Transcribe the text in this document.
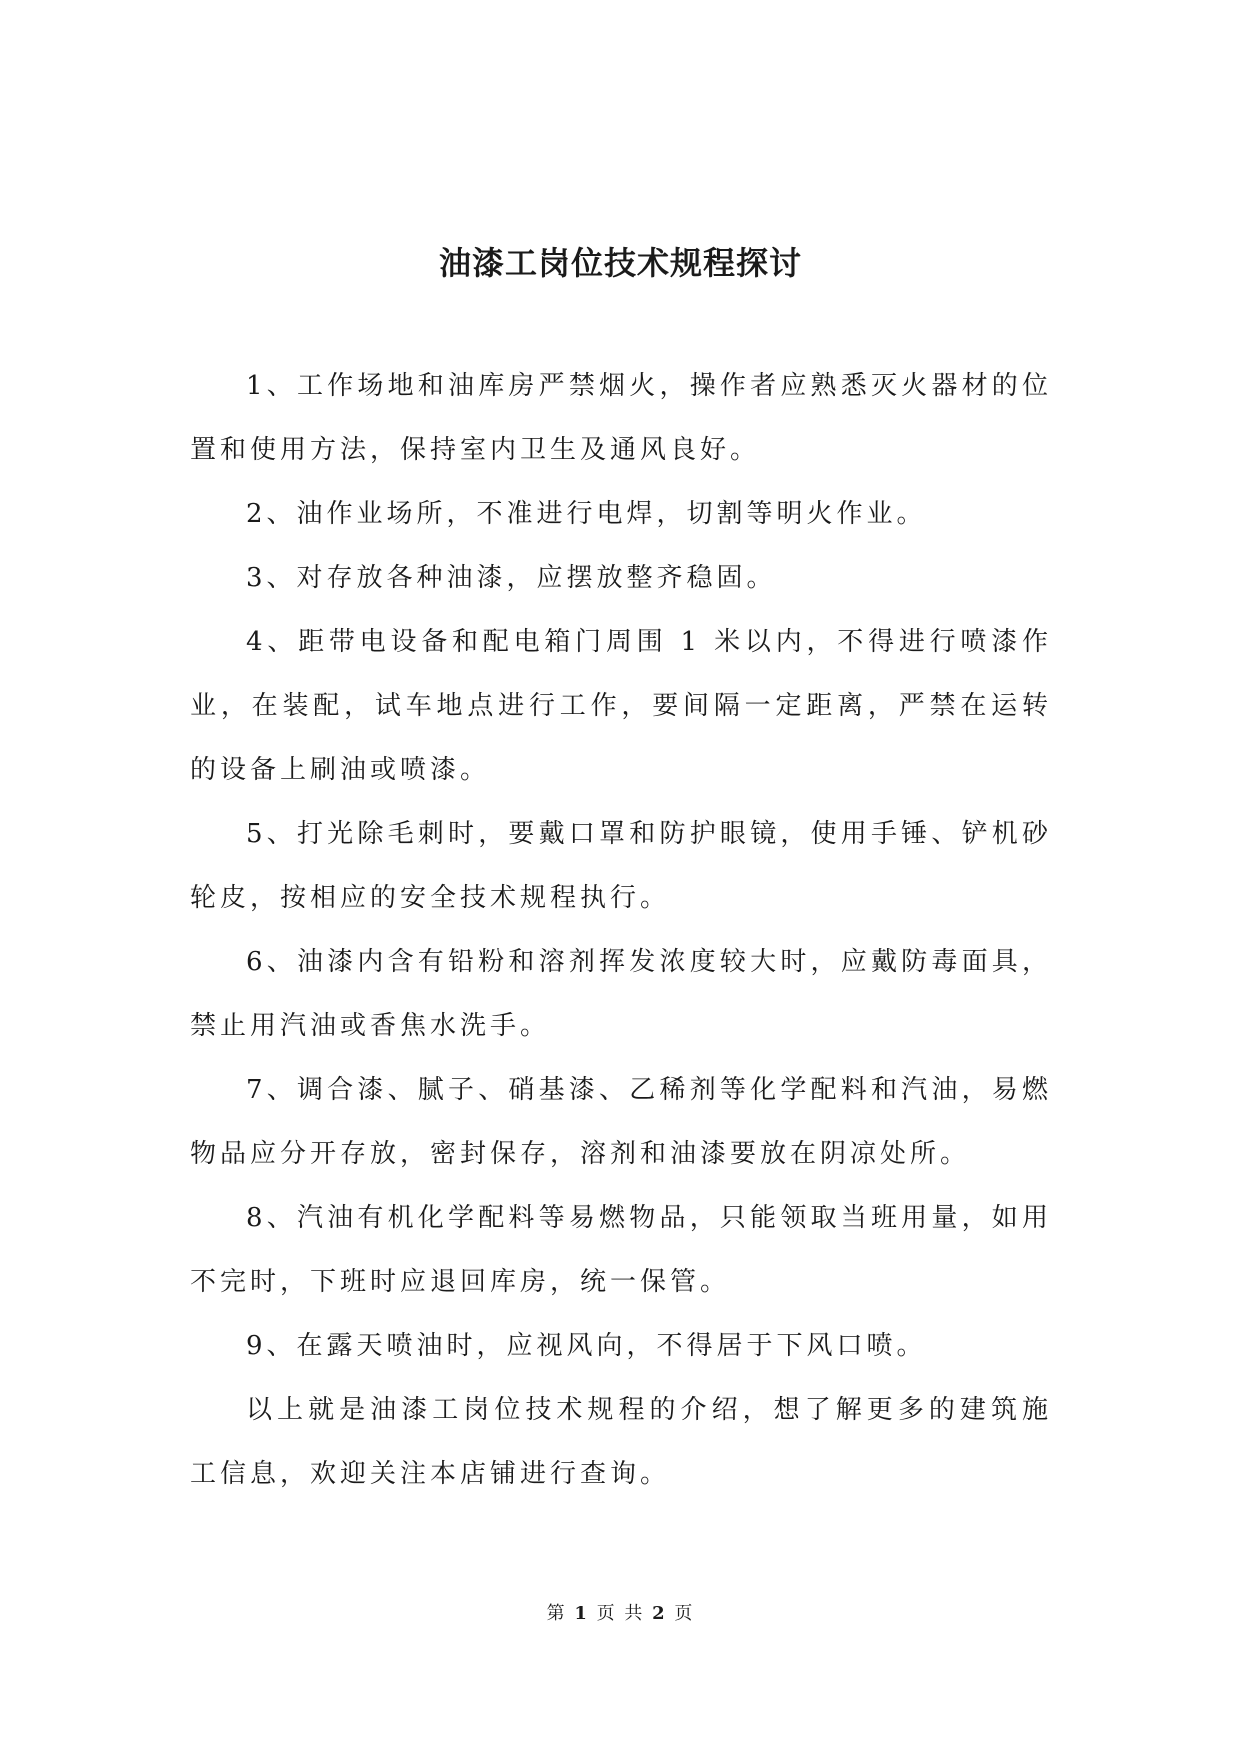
油漆工岗位技术规程探讨

1、工作场地和油库房严禁烟火，操作者应熟悉灭火器材的位置和使用方法，保持室内卫生及通风良好。

2、油作业场所，不准进行电焊，切割等明火作业。

3、对存放各种油漆，应摆放整齐稳固。

4、距带电设备和配电箱门周围 1 米以内，不得进行喷漆作业，在装配，试车地点进行工作，要间隔一定距离，严禁在运转的设备上刷油或喷漆。

5、打光除毛刺时，要戴口罩和防护眼镜，使用手锤、铲机砂轮皮，按相应的安全技术规程执行。

6、油漆内含有铅粉和溶剂挥发浓度较大时，应戴防毒面具，禁止用汽油或香焦水洗手。

7、调合漆、腻子、硝基漆、乙稀剂等化学配料和汽油，易燃物品应分开存放，密封保存，溶剂和油漆要放在阴凉处所。

8、汽油有机化学配料等易燃物品，只能领取当班用量，如用不完时，下班时应退回库房，统一保管。

9、在露天喷油时，应视风向，不得居于下风口喷。

以上就是油漆工岗位技术规程的介绍，想了解更多的建筑施工信息，欢迎关注本店铺进行查询。

第 1 页 共 2 页
